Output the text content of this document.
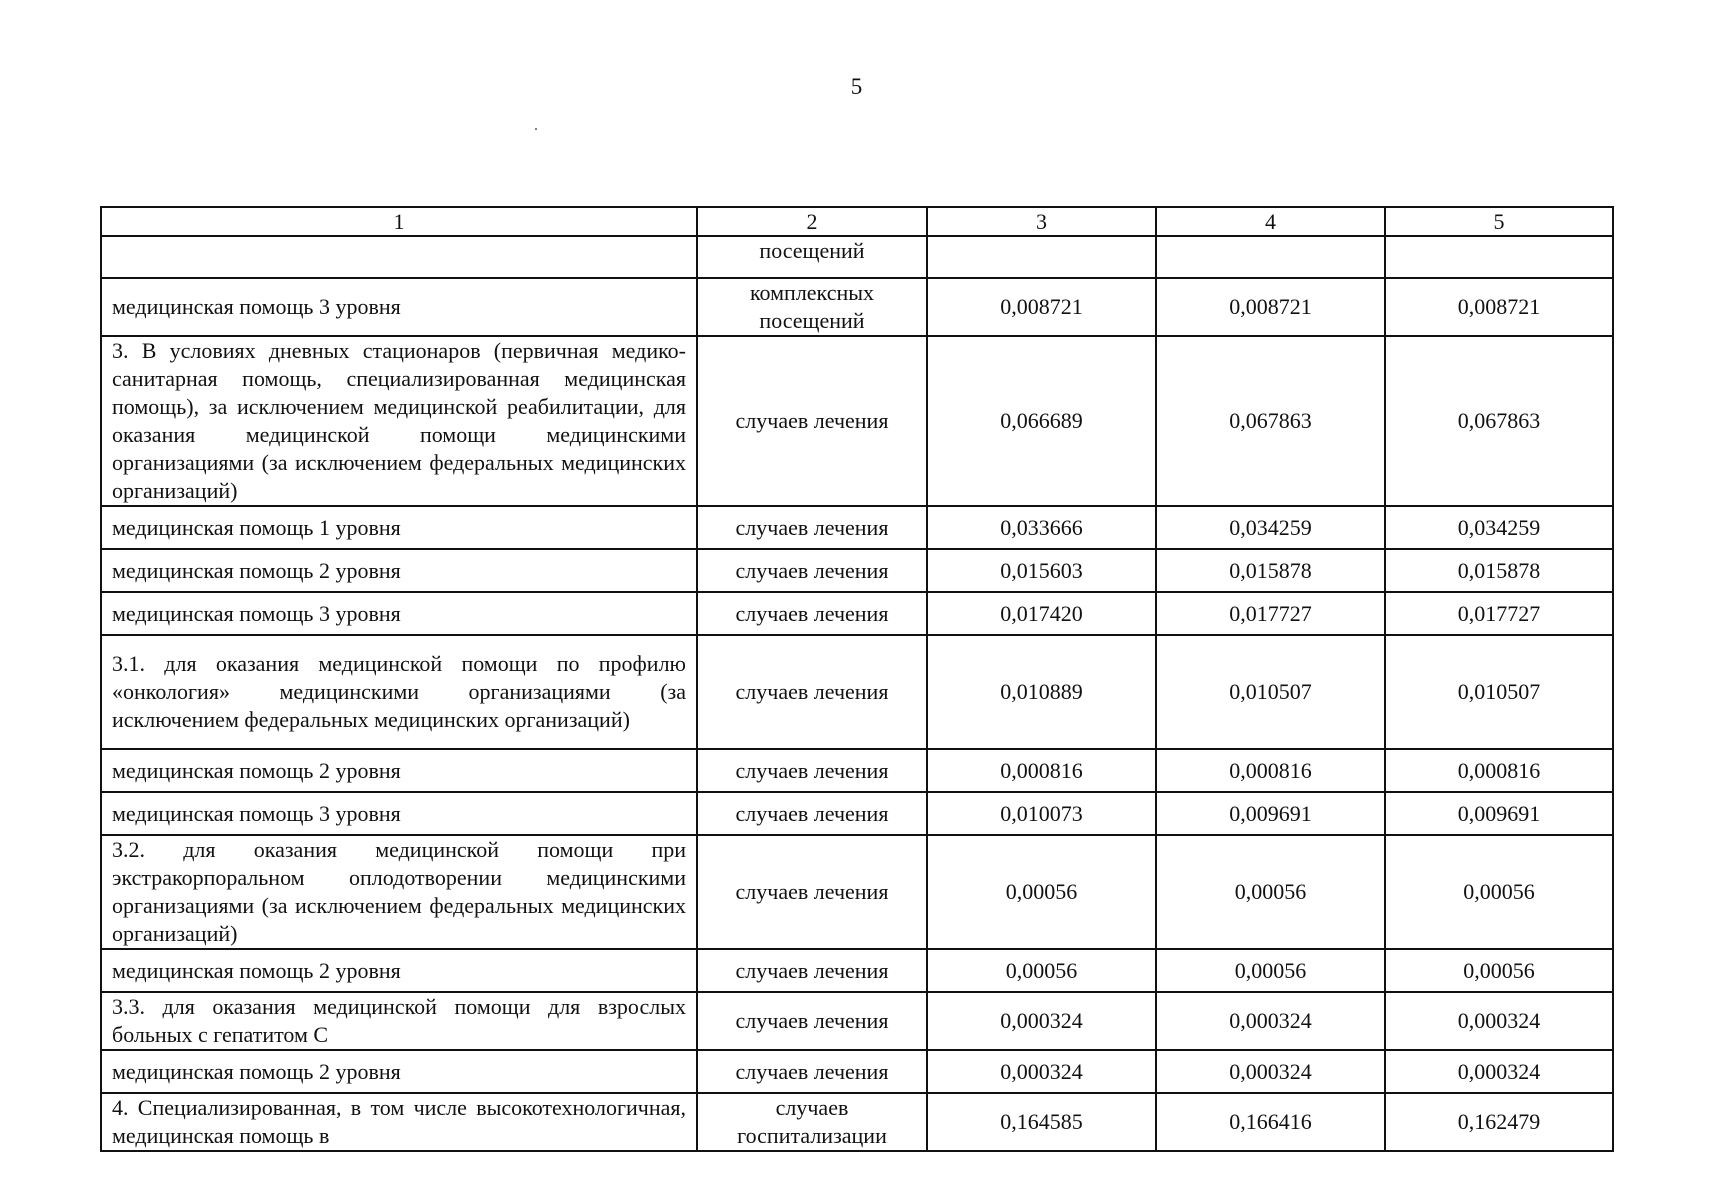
5
1	2	3	4	5
	посещений			
медицинская помощь 3 уровня	комплексных посещений	0,008721	0,008721	0,008721
3. В условиях дневных стационаров (первичная медико-санитарная помощь, специализированная медицинская помощь), за исключением медицинской реабилитации, для оказания медицинской помощи медицинскими организациями (за исключением федеральных медицинских организаций)	случаев лечения	0,066689	0,067863	0,067863
медицинская помощь 1 уровня	случаев лечения	0,033666	0,034259	0,034259
медицинская помощь 2 уровня	случаев лечения	0,015603	0,015878	0,015878
медицинская помощь 3 уровня	случаев лечения	0,017420	0,017727	0,017727
3.1. для оказания медицинской помощи по профилю «онкология» медицинскими организациями (за исключением федеральных медицинских организаций)	случаев лечения	0,010889	0,010507	0,010507
медицинская помощь 2 уровня	случаев лечения	0,000816	0,000816	0,000816
медицинская помощь 3 уровня	случаев лечения	0,010073	0,009691	0,009691
3.2. для оказания медицинской помощи при экстракорпоральном оплодотворении медицинскими организациями (за исключением федеральных медицинских организаций)	случаев лечения	0,00056	0,00056	0,00056
медицинская помощь 2 уровня	случаев лечения	0,00056	0,00056	0,00056
3.3. для оказания медицинской помощи для взрослых больных с гепатитом С	случаев лечения	0,000324	0,000324	0,000324
медицинская помощь 2 уровня	случаев лечения	0,000324	0,000324	0,000324
4. Специализированная, в том числе высокотехнологичная, медицинская помощь в	случаев госпитализации	0,164585	0,166416	0,162479
